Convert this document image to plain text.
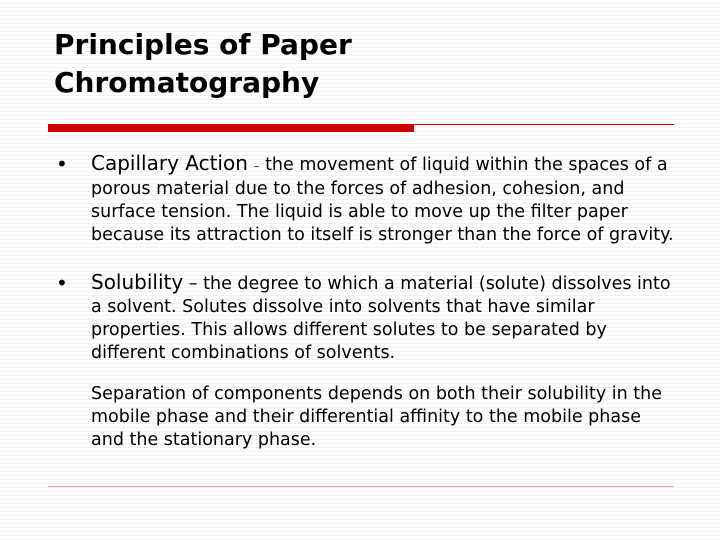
Principles of Paper
Chromatography
• Capillary Action – the movement of liquid within the spaces of a porous material due to the forces of adhesion, cohesion, and surface tension. The liquid is able to move up the filter paper because its attraction to itself is stronger than the force of gravity.
• Solubility – the degree to which a material (solute) dissolves into a solvent. Solutes dissolve into solvents that have similar properties. This allows different solutes to be separated by different combinations of solvents.
Separation of components depends on both their solubility in the mobile phase and their differential affinity to the mobile phase and the stationary phase.
